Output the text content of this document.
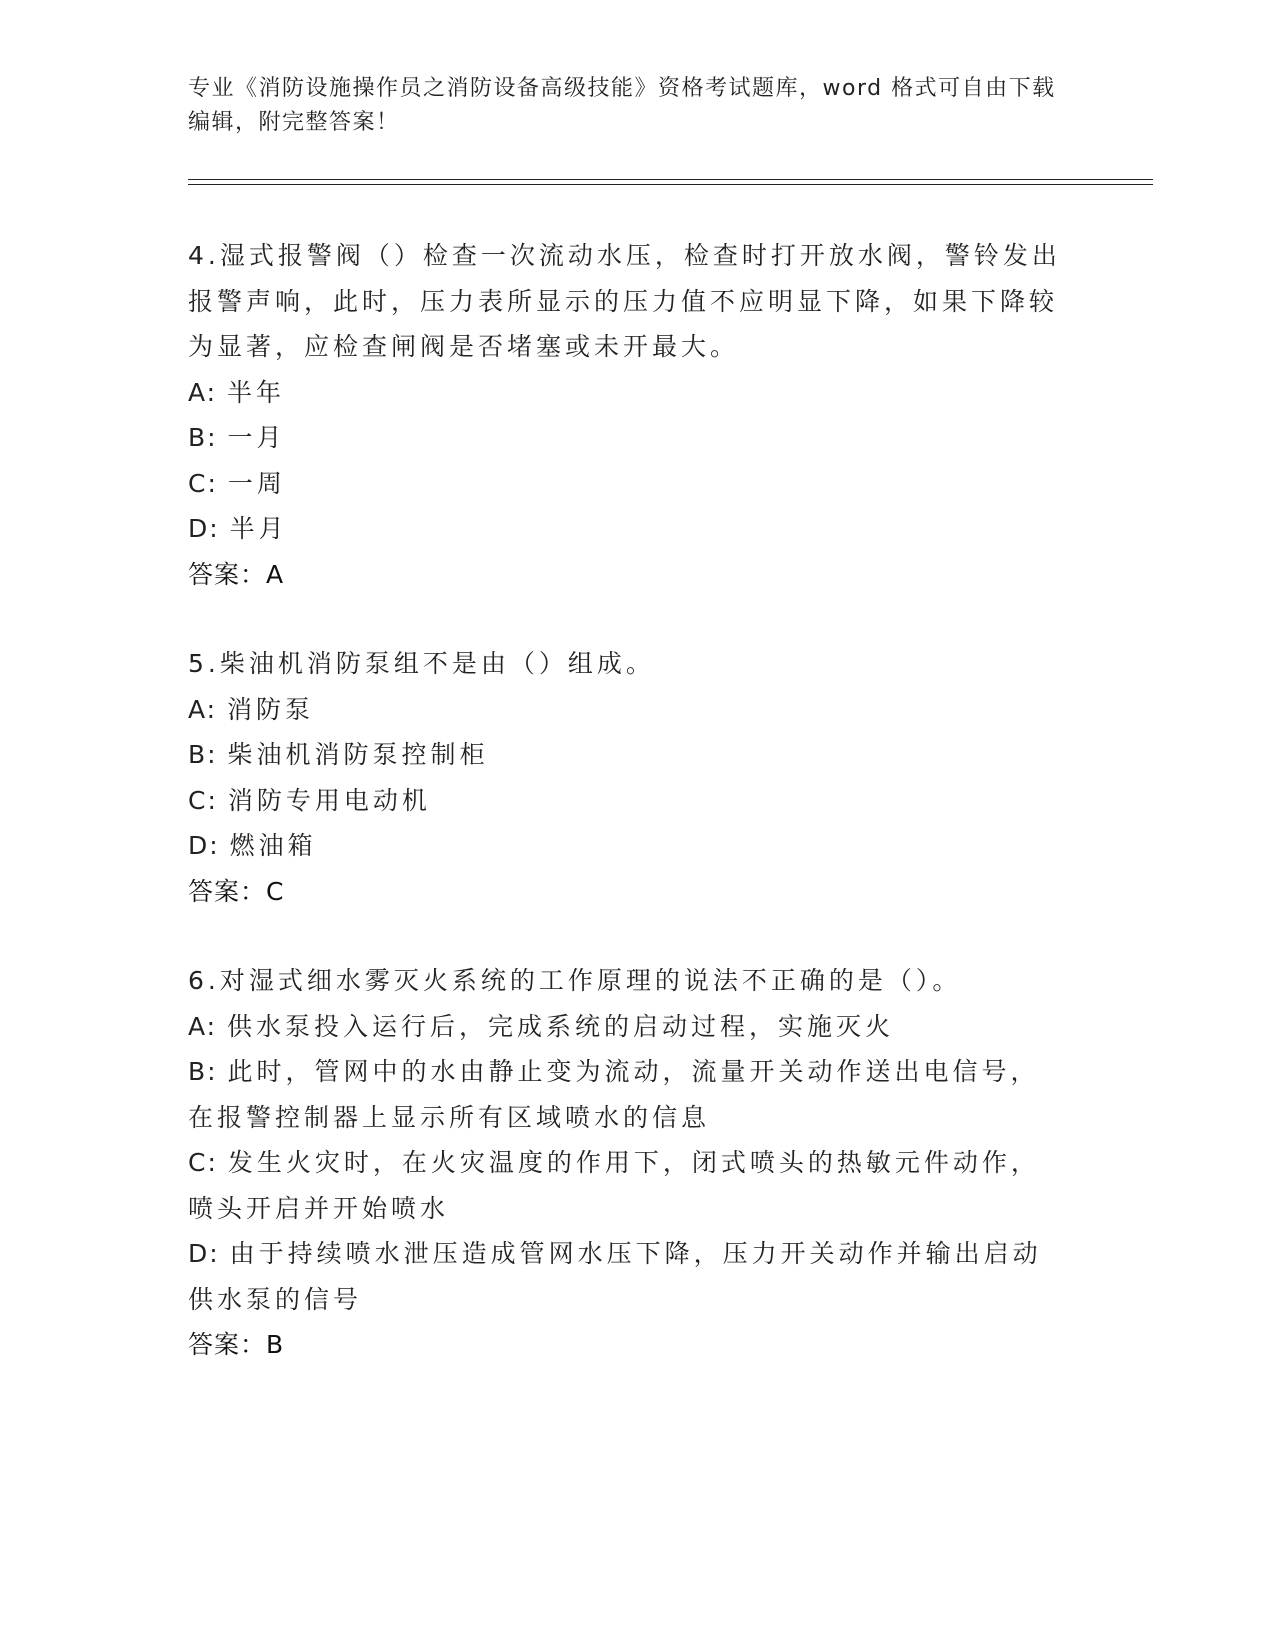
专业《消防设施操作员之消防设备高级技能》资格考试题库，word 格式可自由下载编辑，附完整答案！
4.湿式报警阀（）检查一次流动水压，检查时打开放水阀，警铃发出报警声响，此时，压力表所显示的压力值不应明显下降，如果下降较为显著，应检查闸阀是否堵塞或未开最大。
A: 半年
B: 一月
C: 一周
D: 半月
答案：A
5.柴油机消防泵组不是由（）组成。
A: 消防泵
B: 柴油机消防泵控制柜
C: 消防专用电动机
D: 燃油箱
答案：C
6.对湿式细水雾灭火系统的工作原理的说法不正确的是（）。
A: 供水泵投入运行后，完成系统的启动过程，实施灭火
B: 此时，管网中的水由静止变为流动，流量开关动作送出电信号，在报警控制器上显示所有区域喷水的信息
C: 发生火灾时，在火灾温度的作用下，闭式喷头的热敏元件动作，喷头开启并开始喷水
D: 由于持续喷水泄压造成管网水压下降，压力开关动作并输出启动供水泵的信号
答案：B
